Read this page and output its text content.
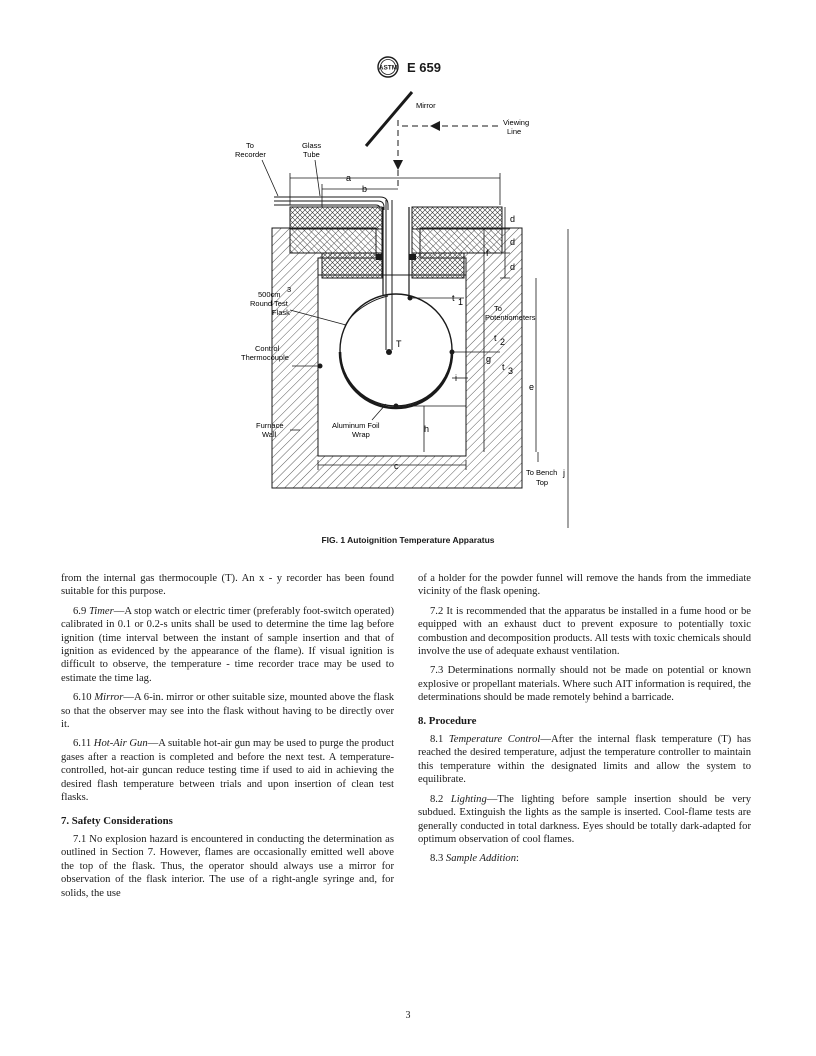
ASTM E 659
T
Mirror
Viewing
Line
To
Recorder
Glass
Tube
a
b
d
d
d
f
g
e
j
t 1
t 2
t 3
To
Potentiometers
i
h
Control
Thermocouple
500cm
3
Round Test
Flask
Furnace
Wall
Aluminum Foil
Wrap
c
To Bench
Top
FIG. 1 Autoignition Temperature Apparatus

from the internal gas thermocouple (T). An x - y recorder has been found suitable for this purpose.

6.9 Timer—A stop watch or electric timer (preferably foot-switch operated) calibrated in 0.1 or 0.2-s units shall be used to determine the time lag before ignition (time interval between the instant of sample insertion and that of ignition as evidenced by the appearance of the flame). If visual ignition is difficult to observe, the temperature - time recorder trace may be used to estimate the time lag.

6.10 Mirror—A 6-in. mirror or other suitable size, mounted above the flask so that the observer may see into the flask without having to be directly over it.

6.11 Hot-Air Gun—A suitable hot-air gun may be used to purge the product gases after a reaction is completed and before the next test. A temperature-controlled, hot-air guncan reduce testing time if used to aid in achieving the desired flash temperature between trials and upon insertion of clean test flasks.

7. Safety Considerations

7.1 No explosion hazard is encountered in conducting the determination as outlined in Section 7. However, flames are occasionally emitted well above the top of the flask. Thus, the operator should always use a mirror for observation of the flask interior. The use of a right-angle syringe and, for solids, the use

of a holder for the powder funnel will remove the hands from the immediate vicinity of the flask opening.

7.2 It is recommended that the apparatus be installed in a fume hood or be equipped with an exhaust duct to prevent exposure to potentially toxic combustion and decomposition products. All tests with toxic chemicals should involve the use of adequate exhaust ventilation.

7.3 Determinations normally should not be made on potential or known explosive or propellant materials. Where such AIT information is required, the determinations should be made remotely behind a barricade.

8. Procedure

8.1 Temperature Control—After the internal flask temperature (T) has reached the desired temperature, adjust the temperature controller to maintain this temperature within the designated limits and allow the system to equilibrate.

8.2 Lighting—The lighting before sample insertion should be very subdued. Extinguish the lights as the sample is inserted. Cool-flame tests are generally conducted in total darkness. Eyes should be totally dark-adapted for optimum observation of cool flames.

8.3 Sample Addition:

3
